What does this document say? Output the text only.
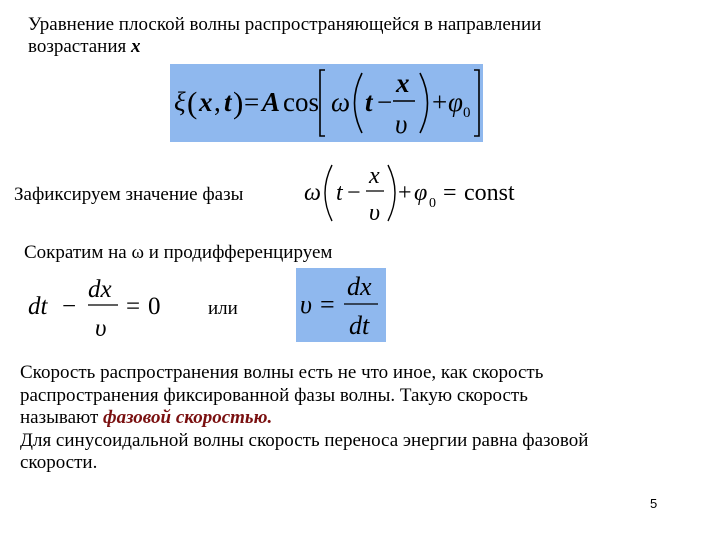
Уравнение плоской волны распространяющейся в направлении
возрастания x
ξ ( x , t ) = A cos ω t −
x
υ
+ φ 0
Зафиксируем значение фазы	ω t −
x
υ
+ φ 0 = const
Сократим на ω и продифференцируем
dt −
dx
υ
= 0	или υ =
dx
dt
Скорость распространения волны есть не что иное, как скорость
распространения фиксированной фазы волны. Такую скорость
называют фазовой скоростью.
Для синусоидальной волны скорость переноса энергии равна фазовой
скорости.
5
